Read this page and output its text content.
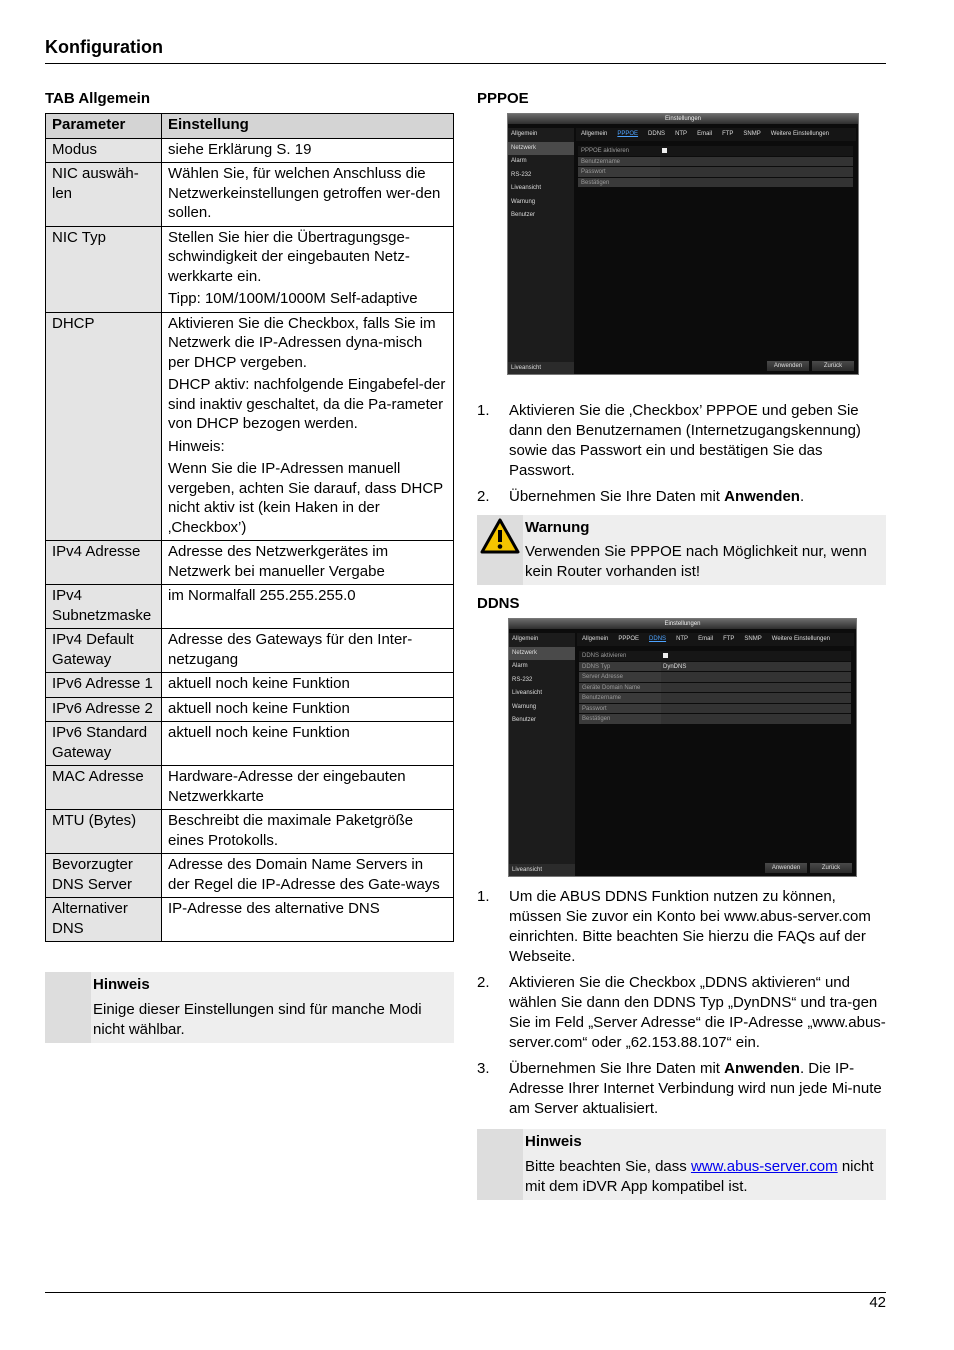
Konfiguration
TAB Allgemein
Parameter	Einstellung
Modus	siehe Erklärung S. 19

NIC auswäh-len	Wählen Sie, für welchen Anschluss die Netzwerkeinstellungen getroffen wer-den sollen.

NIC Typ	Stellen Sie hier die Übertragungsge-schwindigkeit der eingebauten Netz-werkkarte ein.
Tipp: 10M/100M/1000M Self-adaptive

DHCP	Aktivieren Sie die Checkbox, falls Sie im Netzwerk die IP-Adressen dyna-misch per DHCP vergeben.
DHCP aktiv: nachfolgende Eingabefel-der sind inaktiv geschaltet, da die Pa-rameter von DHCP bezogen werden.
Hinweis:
Wenn Sie die IP-Adressen manuell vergeben, achten Sie darauf, dass DHCP nicht aktiv ist (kein Haken in der ‚Checkbox’)

IPv4 Adresse	Adresse des Netzwerkgerätes im Netzwerk bei manueller Vergabe

IPv4 Subnetzmaske	im Normalfall 255.255.255.0

IPv4 Default Gateway	Adresse des Gateways für den Inter-netzugang

IPv6 Adresse 1	aktuell noch keine Funktion

IPv6 Adresse 2	aktuell noch keine Funktion

IPv6 Standard Gateway	aktuell noch keine Funktion

MAC Adresse	Hardware-Adresse der eingebauten Netzwerkkarte

MTU (Bytes)	Beschreibt die maximale Paketgröße eines Protokolls.

Bevorzugter DNS Server	Adresse des Domain Name Servers in der Regel die IP-Adresse des Gate-ways

Alternativer DNS	IP-Adresse des alternative DNS
Hinweis
Einige dieser Einstellungen sind für manche Modi nicht wählbar.
PPPOE
Einstellungen
Allgemein
Netzwerk
Alarm
RS-232
Liveansicht
Warnung
Benutzer
Liveansicht
Allgemein	PPPOE	DDNS	NTP	Email	FTP	SNMP	Weitere Einstellungen
PPPOE aktivieren
Benutzername
Passwort
Bestätigen
Anwenden	Zurück
1. Aktivieren Sie die ‚Checkbox’ PPPOE und geben Sie dann den Benutzernamen (Internetzugangskennung) sowie das Passwort ein und bestätigen Sie das Passwort.
2. Übernehmen Sie Ihre Daten mit Anwenden.
Warnung
Verwenden Sie PPPOE nach Möglichkeit nur, wenn kein Router vorhanden ist!
DDNS
Einstellungen
Allgemein
Netzwerk
Alarm
RS-232
Liveansicht
Warnung
Benutzer
Liveansicht
Allgemein	PPPOE	DDNS	NTP	Email	FTP	SNMP	Weitere Einstellungen
DDNS aktivieren
DDNS Typ	DynDNS
Server Adresse
Geräte Domain Name
Benutzername
Passwort
Bestätigen
Anwenden	Zurück
1. Um die ABUS DDNS Funktion nutzen zu können, müssen Sie zuvor ein Konto bei www.abus-server.com einrichten. Bitte beachten Sie hierzu die FAQs auf der Webseite.
2. Aktivieren Sie die Checkbox „DDNS aktivieren“ und wählen Sie dann den DDNS Typ „DynDNS“ und tra-gen Sie im Feld „Server Adresse“ die IP-Adresse „www.abus-server.com“ oder „62.153.88.107“ ein.
3. Übernehmen Sie Ihre Daten mit Anwenden. Die IP-Adresse Ihrer Internet Verbindung wird nun jede Mi-nute am Server aktualisiert.
Hinweis
Bitte beachten Sie, dass www.abus-server.com nicht mit dem iDVR App kompatibel ist.
42
